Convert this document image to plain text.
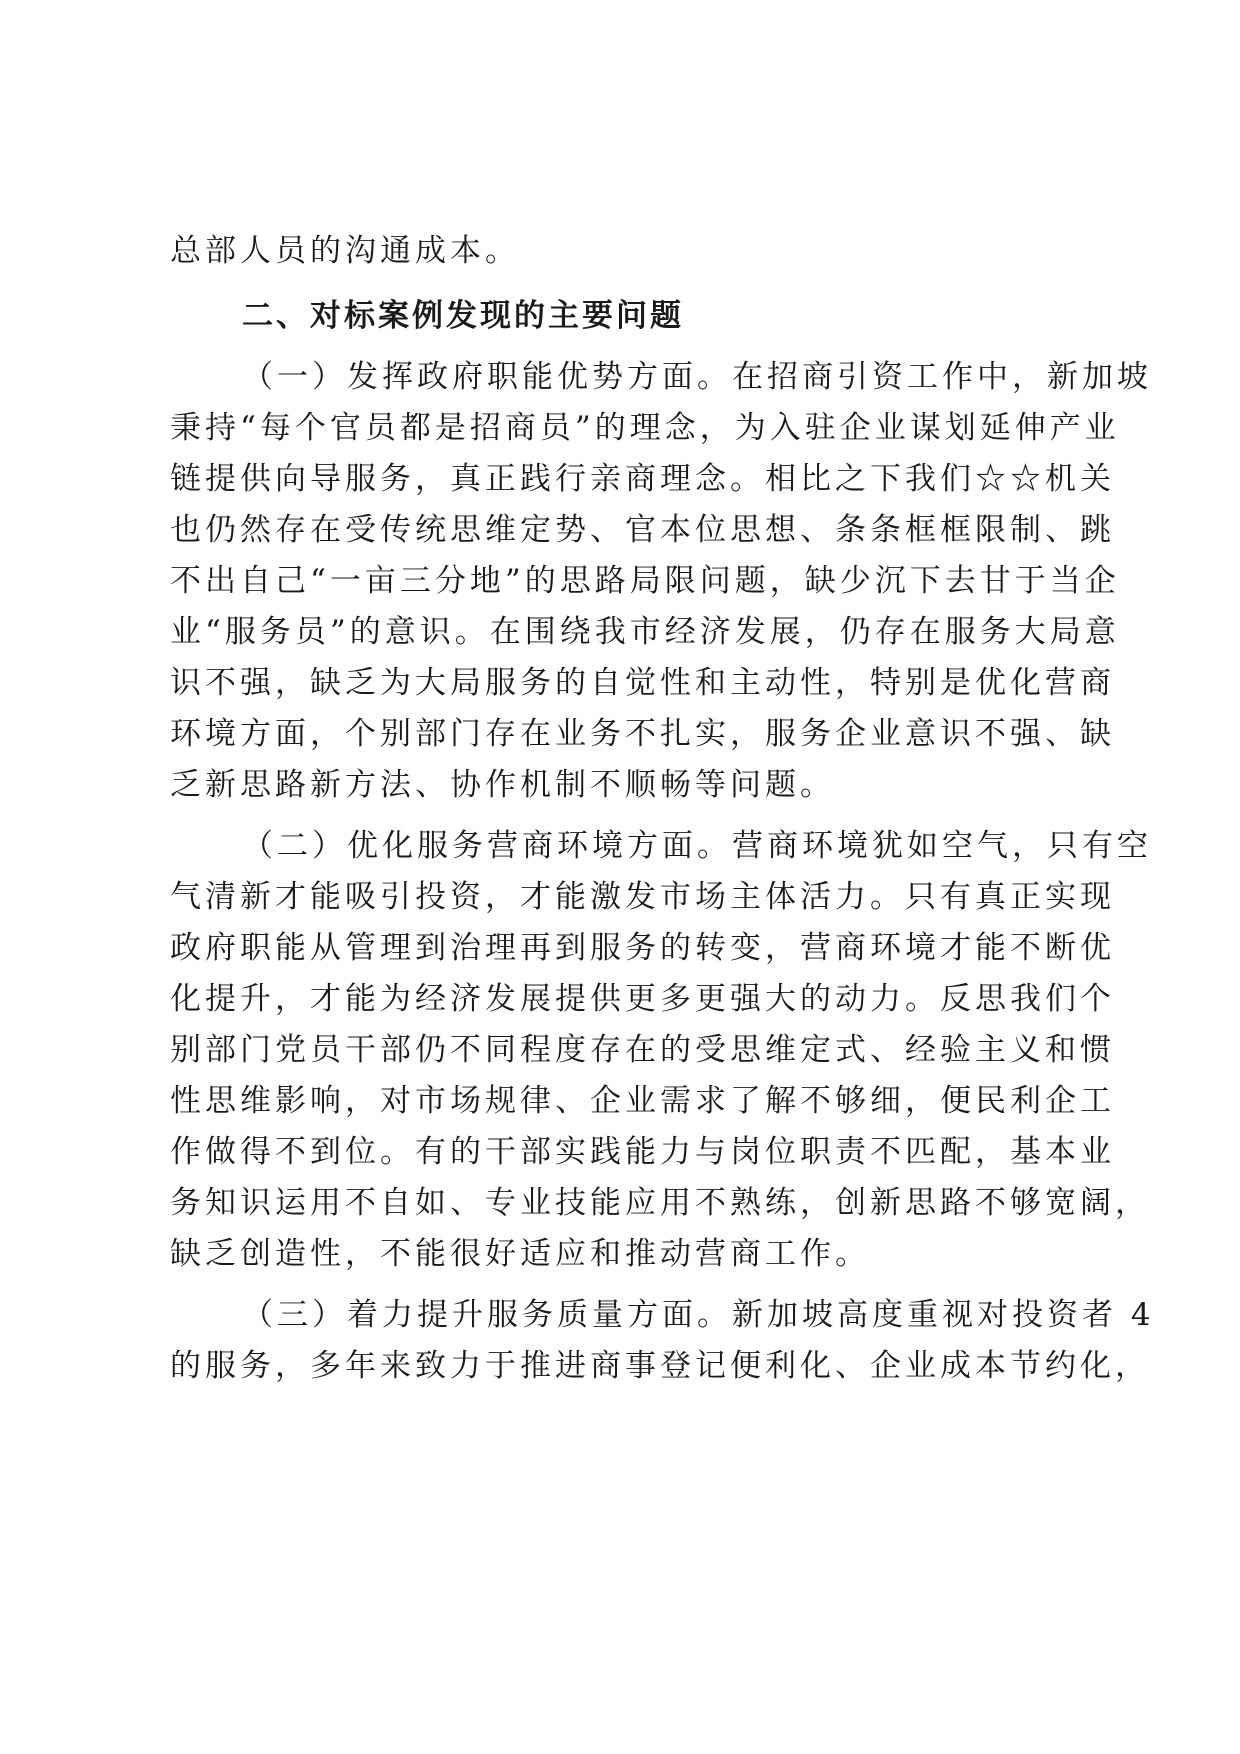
总部人员的沟通成本。
二、对标案例发现的主要问题
（一）发挥政府职能优势方面。在招商引资工作中，新加坡
秉持“每个官员都是招商员”的理念，为入驻企业谋划延伸产业
链提供向导服务，真正践行亲商理念。相比之下我们☆☆机关
也仍然存在受传统思维定势、官本位思想、条条框框限制、跳
不出自己“一亩三分地”的思路局限问题，缺少沉下去甘于当企
业“服务员”的意识。在围绕我市经济发展，仍存在服务大局意
识不强，缺乏为大局服务的自觉性和主动性，特别是优化营商
环境方面，个别部门存在业务不扎实，服务企业意识不强、缺
乏新思路新方法、协作机制不顺畅等问题。
（二）优化服务营商环境方面。营商环境犹如空气，只有空
气清新才能吸引投资，才能激发市场主体活力。只有真正实现
政府职能从管理到治理再到服务的转变，营商环境才能不断优
化提升，才能为经济发展提供更多更强大的动力。反思我们个
别部门党员干部仍不同程度存在的受思维定式、经验主义和惯
性思维影响，对市场规律、企业需求了解不够细，便民利企工
作做得不到位。有的干部实践能力与岗位职责不匹配，基本业
务知识运用不自如、专业技能应用不熟练，创新思路不够宽阔，
缺乏创造性，不能很好适应和推动营商工作。
（三）着力提升服务质量方面。新加坡高度重视对投资者 4
的服务，多年来致力于推进商事登记便利化、企业成本节约化，
